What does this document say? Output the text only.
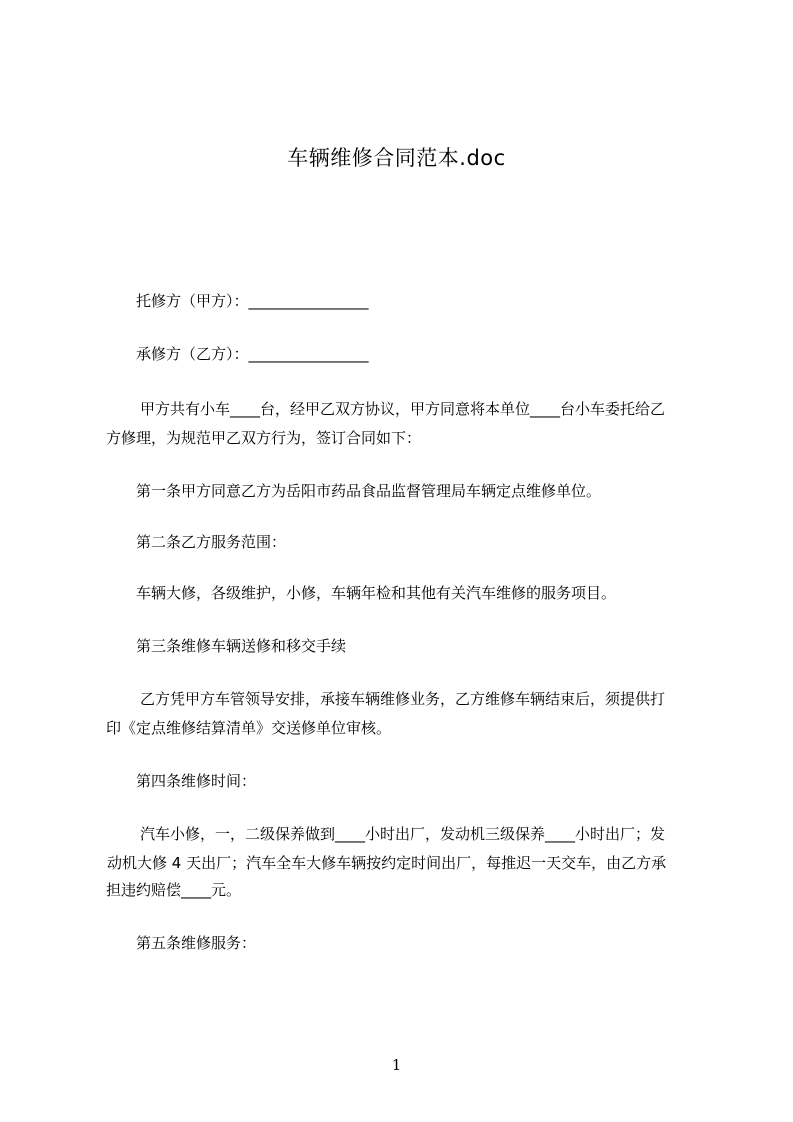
车辆维修合同范本.doc
托修方（甲方）：________________
承修方（乙方）：________________
甲方共有小车____台，经甲乙双方协议，甲方同意将本单位____台小车委托给乙
方修理，为规范甲乙双方行为，签订合同如下：
第一条甲方同意乙方为岳阳市药品食品监督管理局车辆定点维修单位。
第二条乙方服务范围：
车辆大修，各级维护，小修，车辆年检和其他有关汽车维修的服务项目。
第三条维修车辆送修和移交手续
乙方凭甲方车管领导安排，承接车辆维修业务，乙方维修车辆结束后，须提供打
印《定点维修结算清单》交送修单位审核。
第四条维修时间：
汽车小修，一，二级保养做到____小时出厂，发动机三级保养____小时出厂；发
动机大修 4 天出厂；汽车全车大修车辆按约定时间出厂，每推迟一天交车，由乙方承
担违约赔偿____元。
第五条维修服务：
1
